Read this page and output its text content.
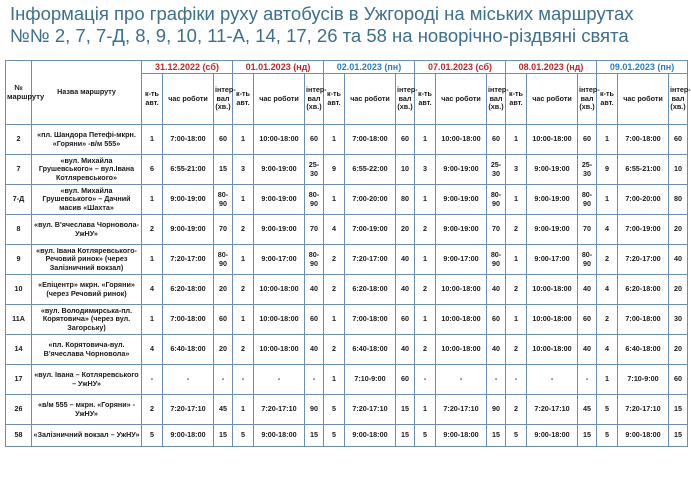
Інформація про графіки руху автобусів в Ужгороді на міських маршрутах
№№ 2, 7, 7-Д, 8, 9, 10, 11-А, 14, 17, 26 та 58 на новорічно-різдвяні свята
№ маршруту	Назва маршруту	31.12.2022 (сб)			01.01.2023 (нд)			02.01.2023 (пн)			07.01.2023 (сб)			08.01.2023 (нд)			09.01.2023 (пн)		
		к-ть авт.	час роботи	інтер-вал (хв.)	к-ть авт.	час роботи	інтер-вал (хв.)	к-ть авт.	час роботи	інтер-вал (хв.)	к-ть авт.	час роботи	інтер-вал (хв.)	к-ть авт.	час роботи	інтер-вал (хв.)	к-ть авт.	час роботи	інтер-вал (хв.)
2	«пл. Шандора Петефі-мкрн. «Горяни» -в/м 555»	1	7:00-18:00	60	1	10:00-18:00	60	1	7:00-18:00	60	1	10:00-18:00	60	1	10:00-18:00	60	1	7:00-18:00	60
7	«вул. Михайла Грушевського» – вул.Івана Котляревського»	6	6:55-21:00	15	3	9:00-19:00	25-30	9	6:55-22:00	10	3	9:00-19:00	25-30	3	9:00-19:00	25-30	9	6:55-21:00	10
7-Д	«вул. Михайла Грушевського» – Дачний масив «Шахта»	1	9:00-19:00	80-90	1	9:00-19:00	80-90	1	7:00-20:00	80	1	9:00-19:00	80-90	1	9:00-19:00	80-90	1	7:00-20:00	80
8	«вул. В'ячеслава Чорновола-УжНУ»	2	9:00-19:00	70	2	9:00-19:00	70	4	7:00-19:00	20	2	9:00-19:00	70	2	9:00-19:00	70	4	7:00-19:00	20
9	«вул. Івана Котляревського- Речовий ринок» (через Залізничний вокзал)	1	7:20-17:00	80-90	1	9:00-17:00	80-90	2	7:20-17:00	40	1	9:00-17:00	80-90	1	9:00-17:00	80-90	2	7:20-17:00	40
10	«Епіцентр» мкрн. «Горяни» (через Речовий ринок)	4	6:20-18:00	20	2	10:00-18:00	40	2	6:20-18:00	40	2	10:00-18:00	40	2	10:00-18:00	40	4	6:20-18:00	20
11А	«вул. Володимирська-пл. Корятовича» (через вул. Загорську)	1	7:00-18:00	60	1	10:00-18:00	60	1	7:00-18:00	60	1	10:00-18:00	60	1	10:00-18:00	60	2	7:00-18:00	30
14	«пл. Корятовича-вул. В'ячеслава Чорновола»	4	6:40-18:00	20	2	10:00-18:00	40	2	6:40-18:00	40	2	10:00-18:00	40	2	10:00-18:00	40	4	6:40-18:00	20
17	«вул. Івана – Котляревського – УжНУ»	-	-	-	-	-	-	1	7:10-9:00	60	-	-	-	-	-	-	1	7:10-9:00	60
26	«в/м 555 – мкрн. «Горяни» - УжНУ»	2	7:20-17:10	45	1	7:20-17:10	90	5	7:20-17:10	15	1	7:20-17:10	90	2	7:20-17:10	45	5	7:20-17:10	15
58	«Залізничний вокзал – УжНУ»	5	9:00-18:00	15	5	9:00-18:00	15	5	9:00-18:00	15	5	9:00-18:00	15	5	9:00-18:00	15	5	9:00-18:00	15
